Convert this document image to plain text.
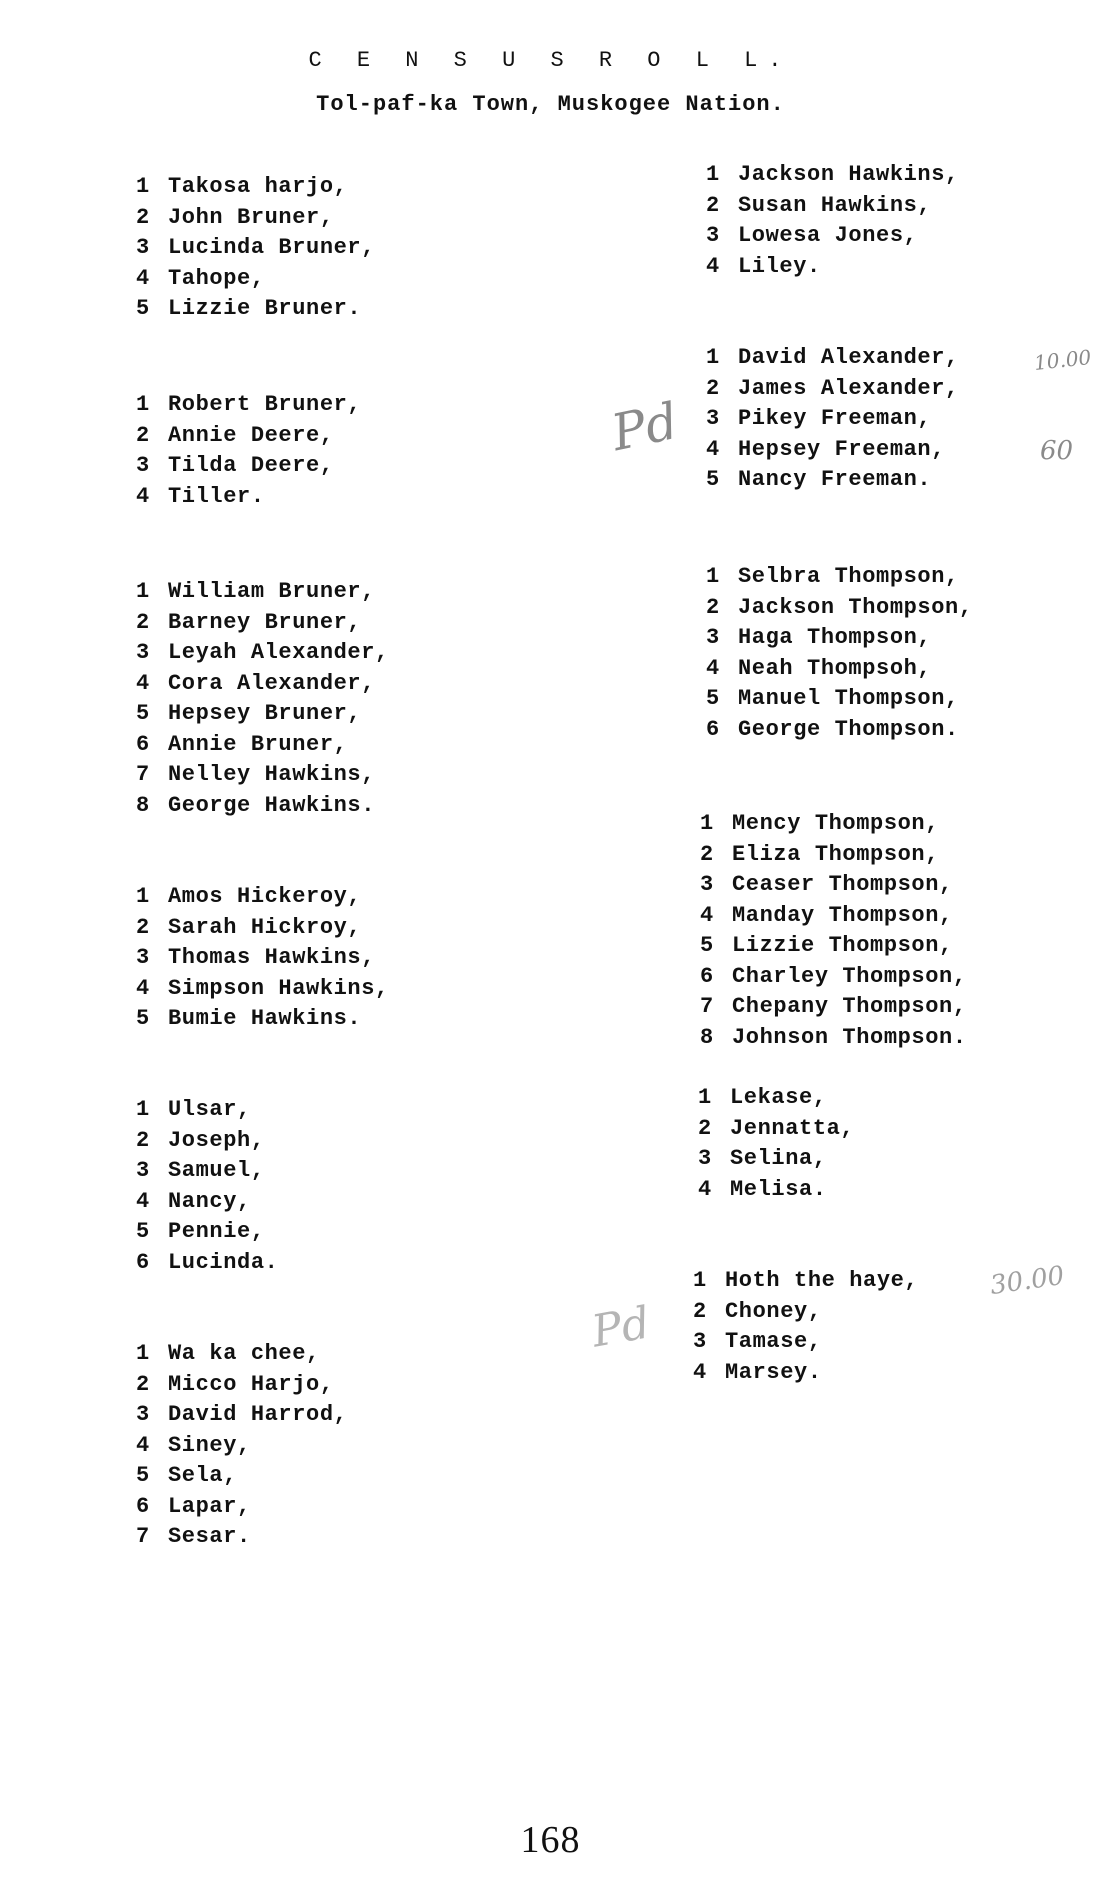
C E N S U S R O L L.
Tol-paf-ka Town, Muskogee Nation.
1 Takosa harjo,
2 John Bruner,
3 Lucinda Bruner,
4 Tahope,
5 Lizzie Bruner.
1 Robert Bruner,
2 Annie Deere,
3 Tilda Deere,
4 Tiller.
1 William Bruner,
2 Barney Bruner,
3 Leyah Alexander,
4 Cora Alexander,
5 Hepsey Bruner,
6 Annie Bruner,
7 Nelley Hawkins,
8 George Hawkins.
1 Amos Hickeroy,
2 Sarah Hickroy,
3 Thomas Hawkins,
4 Simpson Hawkins,
5 Bumie Hawkins.
1 Ulsar,
2 Joseph,
3 Samuel,
4 Nancy,
5 Pennie,
6 Lucinda.
1 Wa ka chee,
2 Micco Harjo,
3 David Harrod,
4 Siney,
5 Sela,
6 Lapar,
7 Sesar.
1 Jackson Hawkins,
2 Susan Hawkins,
3 Lowesa Jones,
4 Liley.
1 David Alexander,
2 James Alexander,
3 Pikey Freeman,
4 Hepsey Freeman,
5 Nancy Freeman.
1 Selbra Thompson,
2 Jackson Thompson,
3 Haga Thompson,
4 Neah Thompsoh,
5 Manuel Thompson,
6 George Thompson.
1 Mency Thompson,
2 Eliza Thompson,
3 Ceaser Thompson,
4 Manday Thompson,
5 Lizzie Thompson,
6 Charley Thompson,
7 Chepany Thompson,
8 Johnson Thompson.
1 Lekase,
2 Jennatta,
3 Selina,
4 Melisa.
1 Hoth the haye,
2 Choney,
3 Tamase,
4 Marsey.
Pd
10.00
60
Pd
30.00
168
